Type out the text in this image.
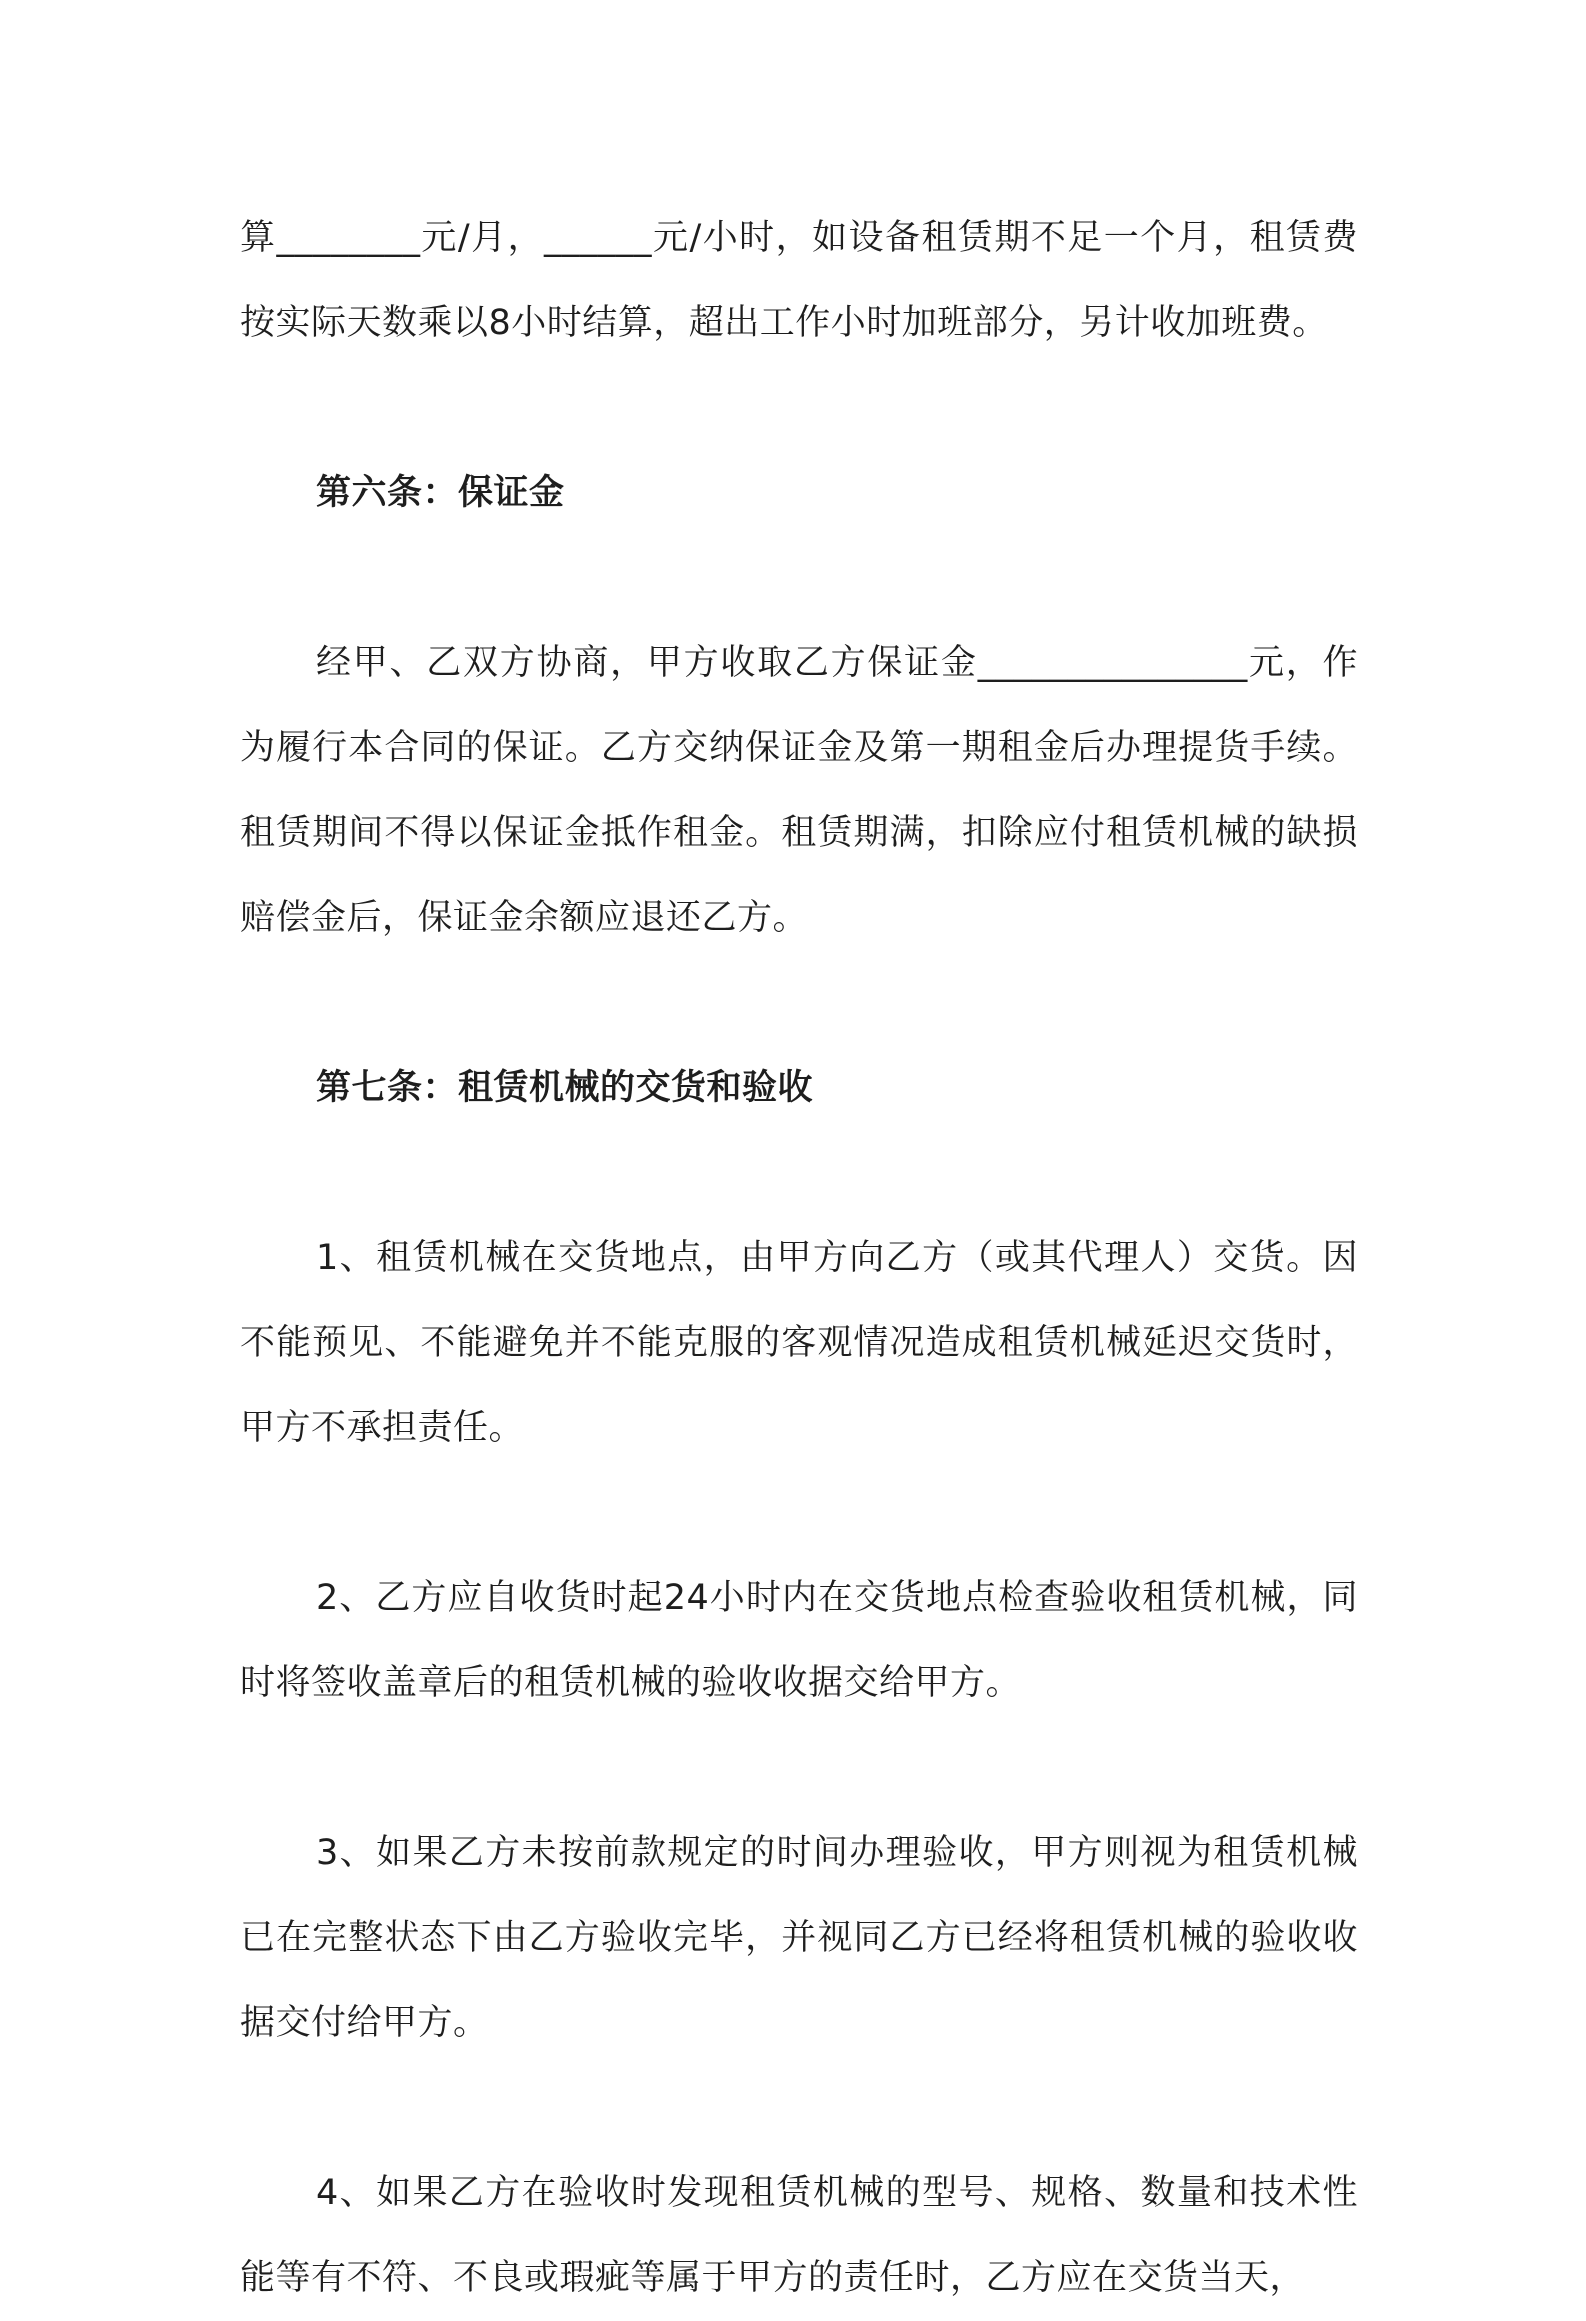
算________元/月，______元/小时，如设备租赁期不足一个月，租赁费按实际天数乘以8小时结算，超出工作小时加班部分，另计收加班费。

第六条：保证金

经甲、乙双方协商，甲方收取乙方保证金_______________元，作为履行本合同的保证。乙方交纳保证金及第一期租金后办理提货手续。租赁期间不得以保证金抵作租金。租赁期满，扣除应付租赁机械的缺损赔偿金后，保证金余额应退还乙方。

第七条：租赁机械的交货和验收

1、租赁机械在交货地点，由甲方向乙方（或其代理人）交货。因不能预见、不能避免并不能克服的客观情况造成租赁机械延迟交货时，甲方不承担责任。

2、乙方应自收货时起24小时内在交货地点检查验收租赁机械，同时将签收盖章后的租赁机械的验收收据交给甲方。

3、如果乙方未按前款规定的时间办理验收，甲方则视为租赁机械已在完整状态下由乙方验收完毕，并视同乙方已经将租赁机械的验收收据交付给甲方。

4、如果乙方在验收时发现租赁机械的型号、规格、数量和技术性能等有不符、不良或瑕疵等属于甲方的责任时，乙方应在交货当天，
